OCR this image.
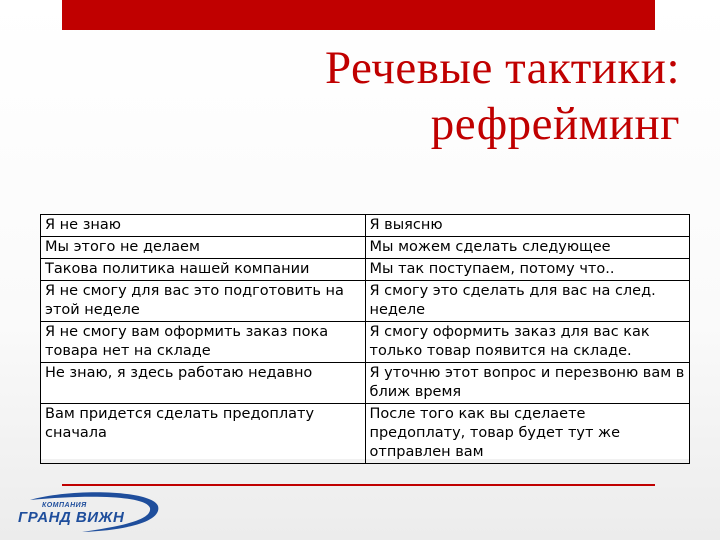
Речевые тактики:
рефрейминг
Я не знаю	Я выясню
Мы этого не делаем	Мы можем сделать следующее
Такова политика нашей компании	Мы так поступаем, потому что..
Я не смогу для вас это подготовить на этой неделе	Я смогу это сделать для вас на след. неделе
Я не смогу вам оформить заказ пока товара нет на складе	Я смогу оформить заказ для вас как только товар появится на складе.
Не знаю, я здесь работаю недавно	Я уточню этот вопрос и перезвоню вам в ближ время
Вам придется сделать предоплату сначала	После того как вы сделаете предоплату, товар будет тут же отправлен вам
КОМПАНИЯ
ГРАНД ВИЖН
